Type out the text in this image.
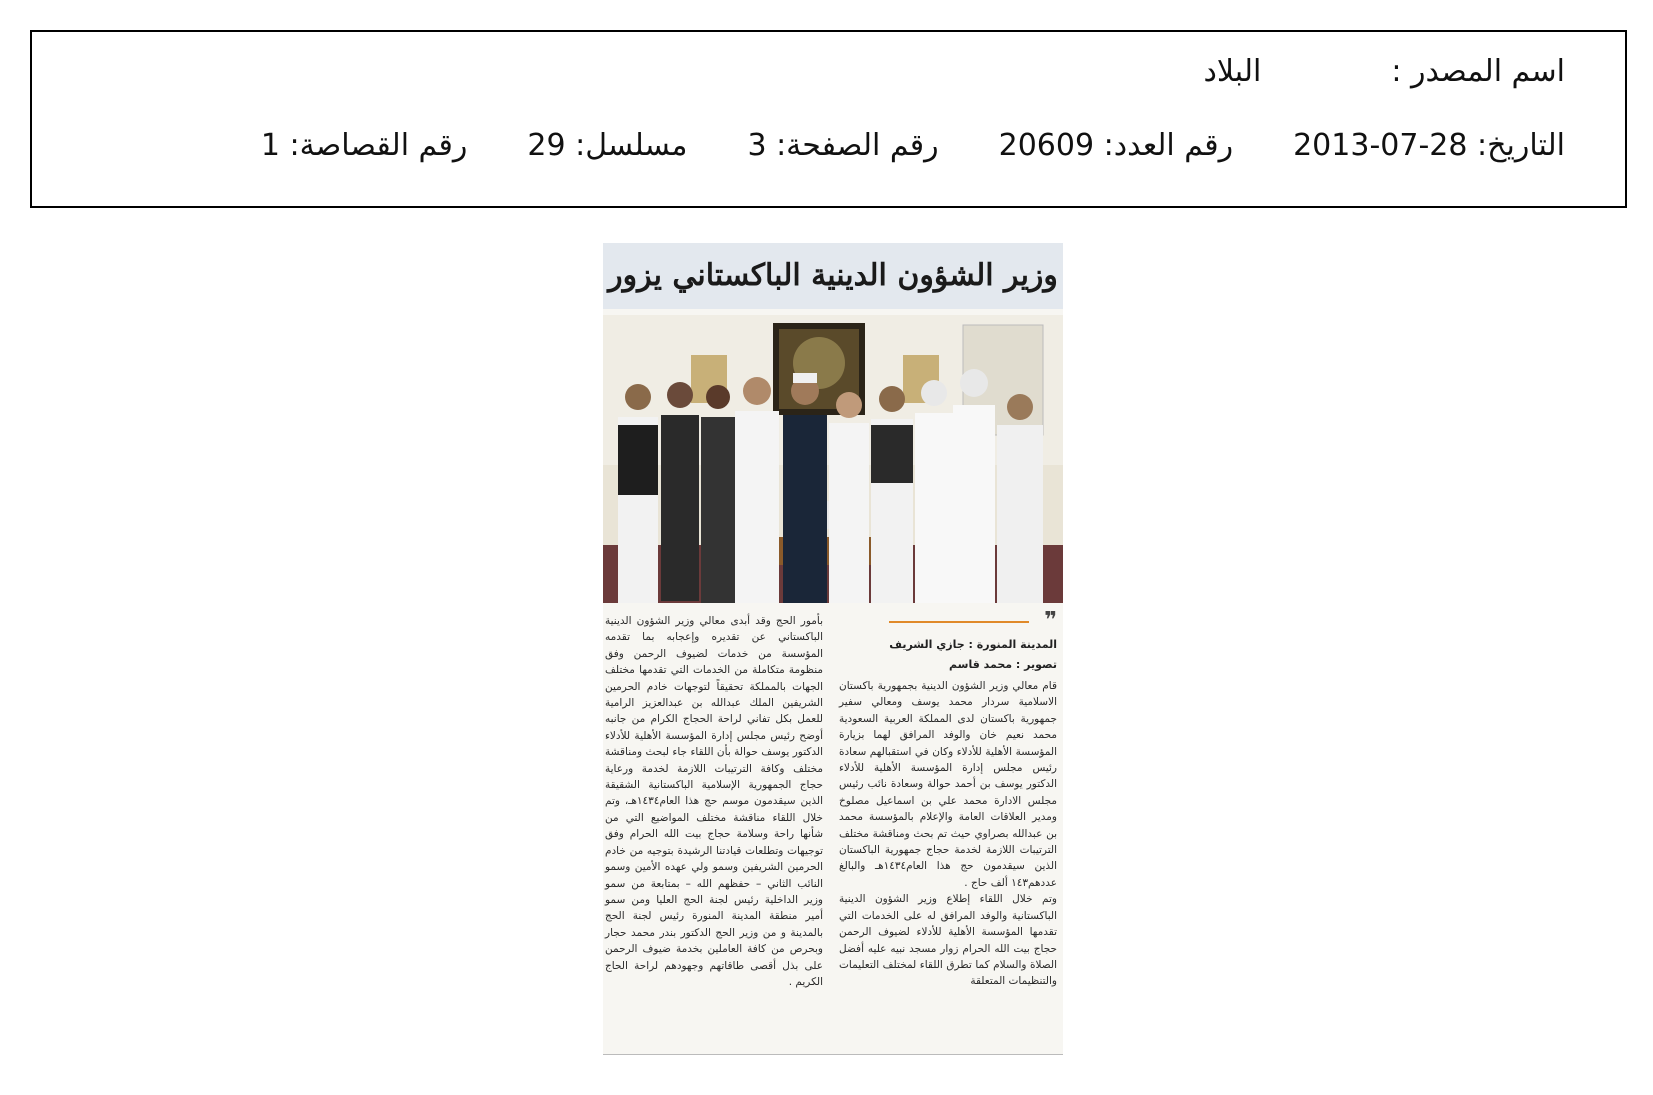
اسم المصدر :البلاد
التاريخ: 28-07-2013رقم العدد: 20609رقم الصفحة: 3مسلسل: 29رقم القصاصة: 1
وزير الشؤون الدينية الباكستاني يزور
❞
المدينة المنورة : جازي الشريف
تصوير : محمد قاسم
قام معالي وزير الشؤون الدينية بجمهورية باكستان الاسلامية سردار محمد يوسف ومعالي سفير جمهورية باكستان لدى المملكة العربية السعودية محمد نعيم خان والوفد المرافق لهما بزيارة المؤسسة الأهلية للأدلاء وكان في استقبالهم سعادة رئيس مجلس إدارة المؤسسة الأهلية للأدلاء الدكتور يوسف بن أحمد حوالة وسعادة نائب رئيس مجلس الادارة محمد علي بن اسماعيل مصلوخ ومدير العلاقات العامة والإعلام بالمؤسسة محمد بن عبدالله بصراوي حيث تم بحث ومناقشة مختلف الترتيبات اللازمة لخدمة حجاج جمهورية الباكستان الذين سيقدمون حج هذا العام١٤٣٤هـ والبالغ عددهم١٤٣ ألف حاج .
وتم خلال اللقاء إطلاع وزير الشؤون الدينية الباكستانية والوفد المرافق له على الخدمات التي تقدمها المؤسسة الأهلية للأدلاء لضيوف الرحمن حجاج بيت الله الحرام زوار مسجد نبيه عليه أفضل الصلاة والسلام كما تطرق اللقاء لمختلف التعليمات والتنظيمات المتعلقة
بأمور الحج وقد أبدى معالي وزير الشؤون الدينية الباكستاني عن تقديره وإعجابه بما تقدمه المؤسسة من خدمات لضيوف الرحمن وفق منظومة متكاملة من الخدمات التي تقدمها مختلف الجهات بالمملكة تحقيقاً لتوجهات خادم الحرمين الشريفين الملك عبدالله بن عبدالعزيز الرامية للعمل بكل تفاني لراحة الحجاج الكرام من جانبه أوضح رئيس مجلس إدارة المؤسسة الأهلية للأدلاء الدكتور يوسف حوالة بأن اللقاء جاء لبحث ومناقشة مختلف وكافة الترتيبات اللازمة لخدمة ورعاية حجاج الجمهورية الإسلامية الباكستانية الشقيقة الذين سيقدمون موسم حج هذا العام١٤٣٤هـ، وتم خلال اللقاء مناقشة مختلف المواضيع التي من شأنها راحة وسلامة حجاج بيت الله الحرام وفق توجيهات وتطلعات قيادتنا الرشيدة بتوجيه من خادم الحرمين الشريفين وسمو ولي عهده الأمين وسمو النائب الثاني – حفظهم الله – بمتابعة من سمو وزير الداخلية رئيس لجنة الحج العليا ومن سمو أمير منطقة المدينة المنورة رئيس لجنة الحج بالمدينة و من وزير الحج الدكتور بندر محمد حجار وبحرص من كافة العاملين بخدمة ضيوف الرحمن على بذل أقصى طاقاتهم وجهودهم لراحة الحاج الكريم .
